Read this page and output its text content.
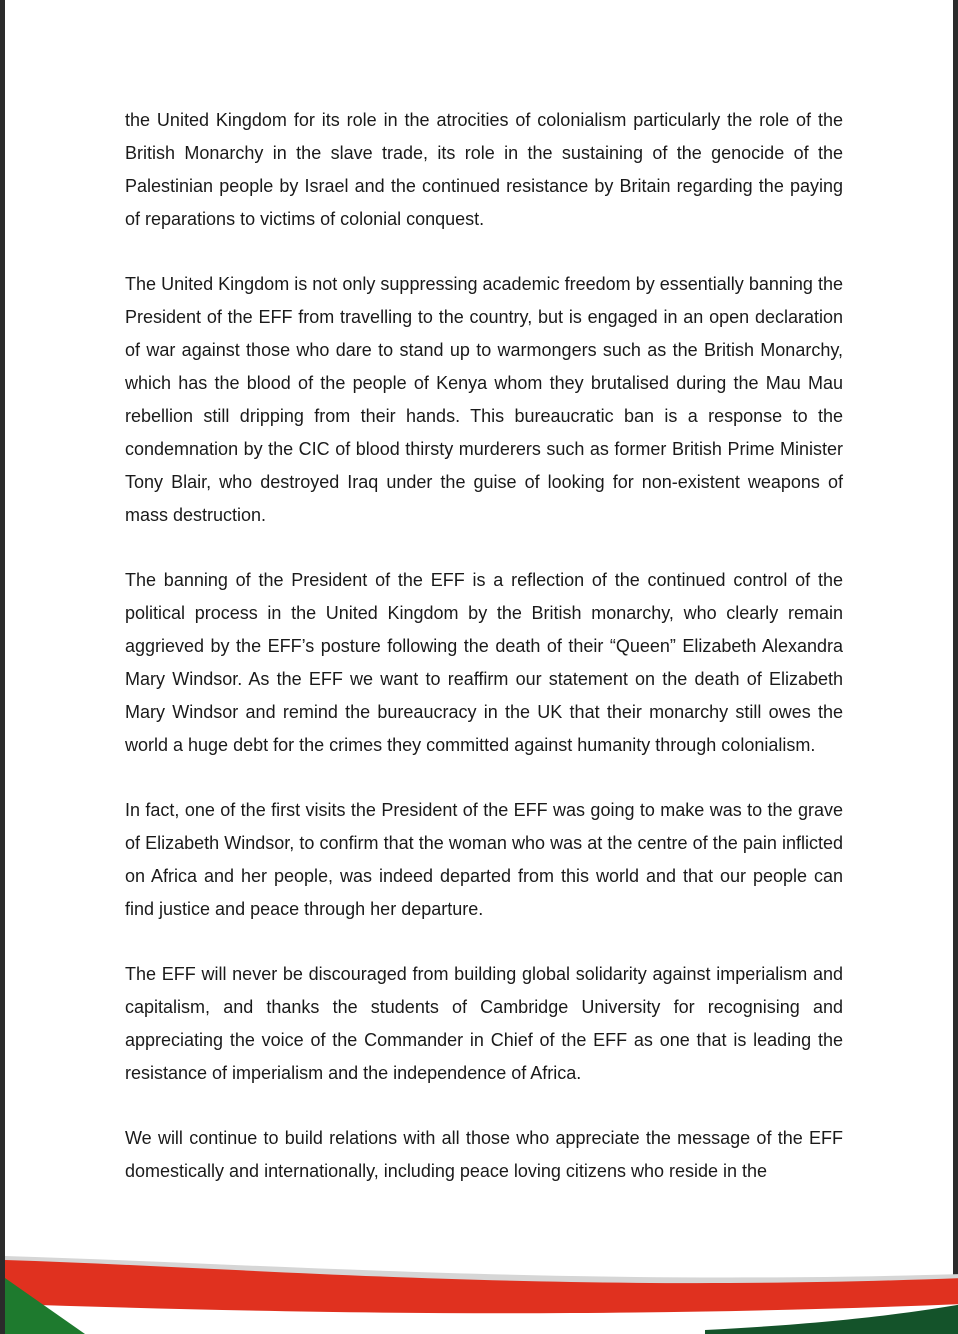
the United Kingdom for its role in the atrocities of colonialism particularly the role of the British Monarchy in the slave trade, its role in the sustaining of the genocide of the Palestinian people by Israel and the continued resistance by Britain regarding the paying of reparations to victims of colonial conquest.

The United Kingdom is not only suppressing academic freedom by essentially banning the President of the EFF from travelling to the country, but is engaged in an open declaration of war against those who dare to stand up to warmongers such as the British Monarchy, which has the blood of the people of Kenya whom they brutalised during the Mau Mau rebellion still dripping from their hands. This bureaucratic ban is a response to the condemnation by the CIC of blood thirsty murderers such as former British Prime Minister Tony Blair, who destroyed Iraq under the guise of looking for non-existent weapons of mass destruction.

The banning of the President of the EFF is a reflection of the continued control of the political process in the United Kingdom by the British monarchy, who clearly remain aggrieved by the EFF’s posture following the death of their “Queen” Elizabeth Alexandra Mary Windsor. As the EFF we want to reaffirm our statement on the death of Elizabeth Mary Windsor and remind the bureaucracy in the UK that their monarchy still owes the world a huge debt for the crimes they committed against humanity through colonialism.

In fact, one of the first visits the President of the EFF was going to make was to the grave of Elizabeth Windsor, to confirm that the woman who was at the centre of the pain inflicted on Africa and her people, was indeed departed from this world and that our people can find justice and peace through her departure.

The EFF will never be discouraged from building global solidarity against imperialism and capitalism, and thanks the students of Cambridge University for recognising and appreciating the voice of the Commander in Chief of the EFF as one that is leading the resistance of imperialism and the independence of Africa.

We will continue to build relations with all those who appreciate the message of the EFF domestically and internationally, including peace loving citizens who reside in the
